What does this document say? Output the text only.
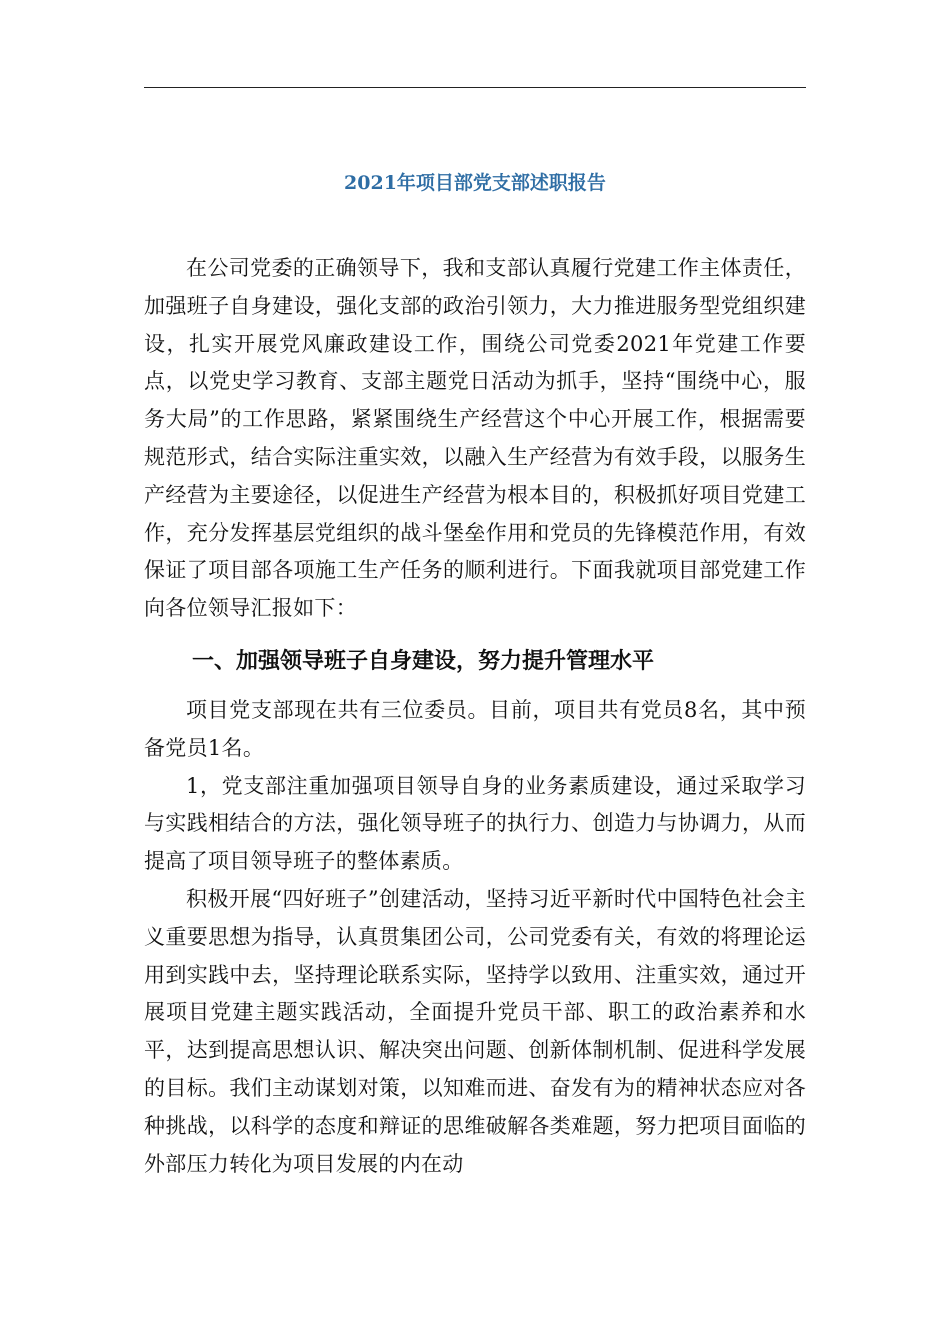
2021年项目部党支部述职报告

在公司党委的正确领导下，我和支部认真履行党建工作主体责任，加强班子自身建设，强化支部的政治引领力，大力推进服务型党组织建设，扎实开展党风廉政建设工作，围绕公司党委2021年党建工作要点，以党史学习教育、支部主题党日活动为抓手，坚持“围绕中心，服务大局”的工作思路，紧紧围绕生产经营这个中心开展工作，根据需要规范形式，结合实际注重实效，以融入生产经营为有效手段，以服务生产经营为主要途径，以促进生产经营为根本目的，积极抓好项目党建工作，充分发挥基层党组织的战斗堡垒作用和党员的先锋模范作用，有效保证了项目部各项施工生产任务的顺利进行。下面我就项目部党建工作向各位领导汇报如下：

一、加强领导班子自身建设，努力提升管理水平

项目党支部现在共有三位委员。目前，项目共有党员8名，其中预备党员1名。

1，党支部注重加强项目领导自身的业务素质建设，通过采取学习与实践相结合的方法，强化领导班子的执行力、创造力与协调力，从而提高了项目领导班子的整体素质。

积极开展“四好班子”创建活动，坚持习近平新时代中国特色社会主义重要思想为指导，认真贯集团公司，公司党委有关，有效的将理论运用到实践中去，坚持理论联系实际，坚持学以致用、注重实效，通过开展项目党建主题实践活动，全面提升党员干部、职工的政治素养和水平，达到提高思想认识、解决突出问题、创新体制机制、促进科学发展的目标。我们主动谋划对策，以知难而进、奋发有为的精神状态应对各种挑战，以科学的态度和辩证的思维破解各类难题，努力把项目面临的外部压力转化为项目发展的内在动
